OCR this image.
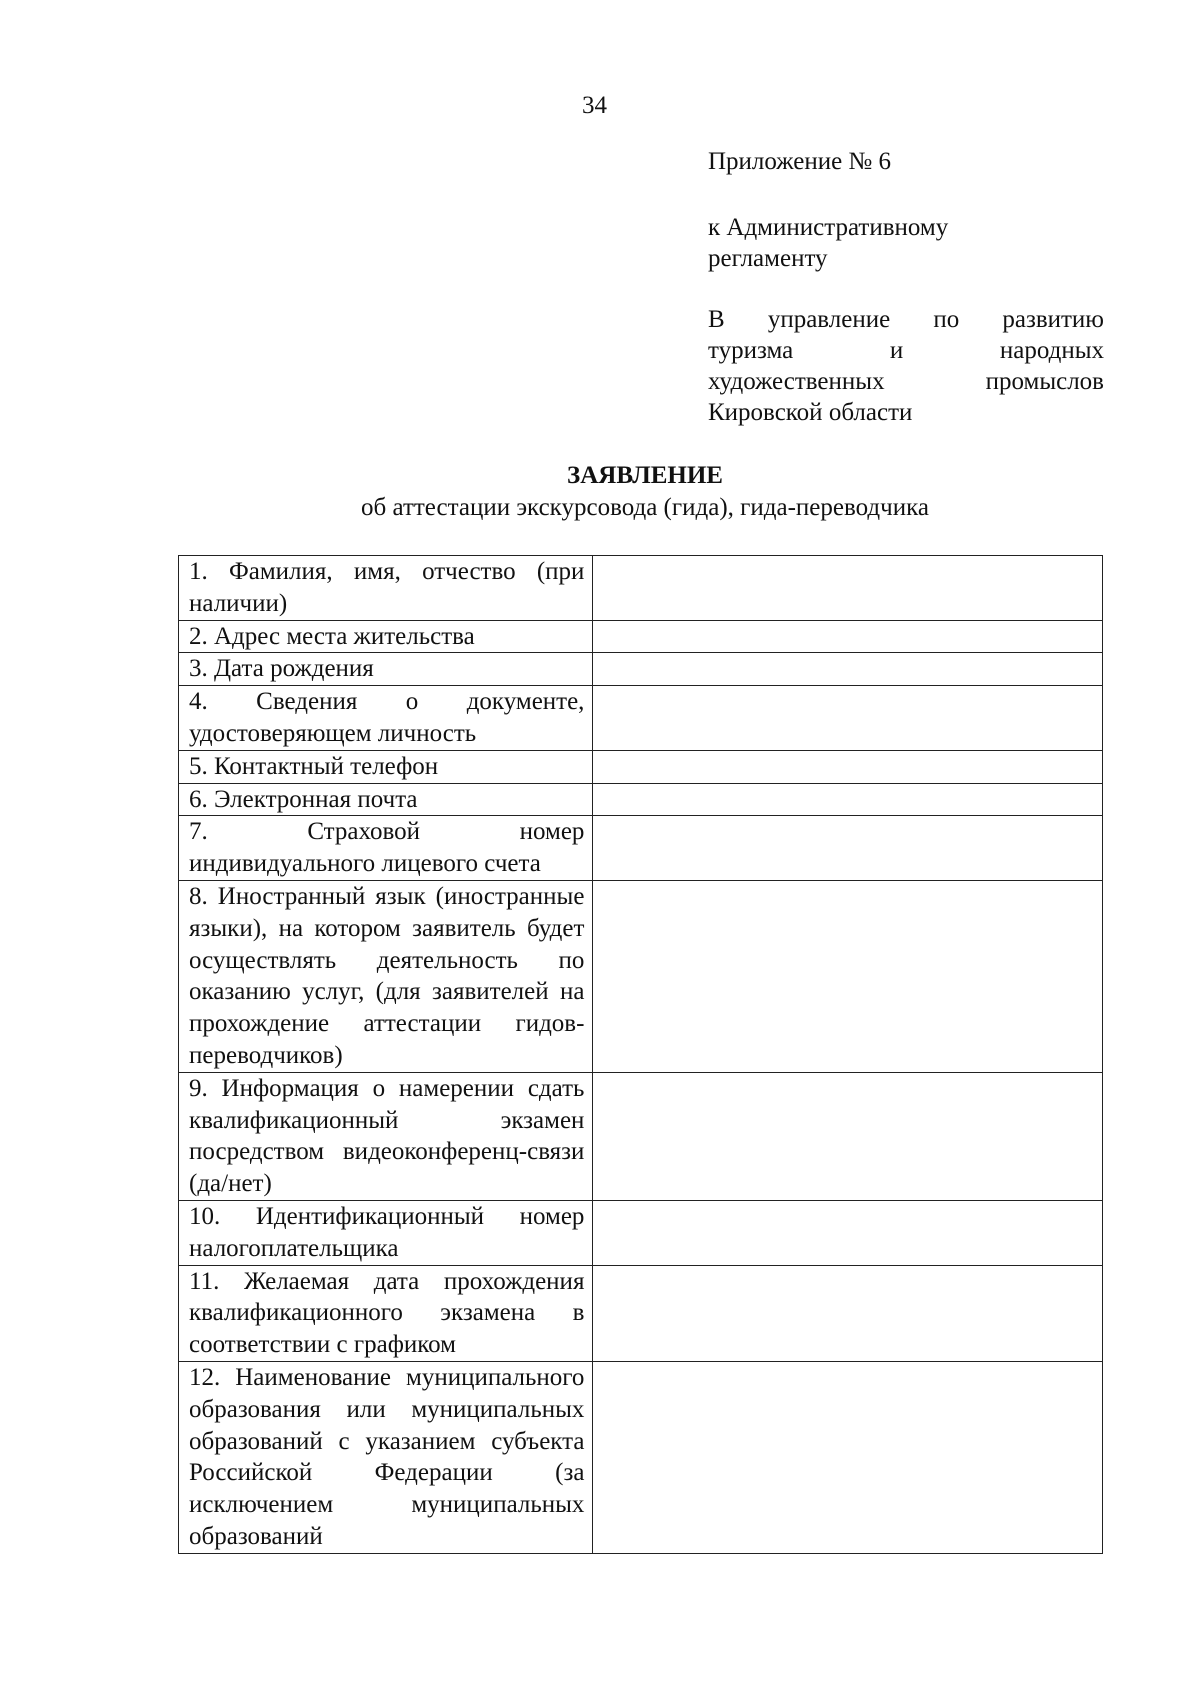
34
Приложение № 6
к Административному регламенту
В управление по развитию
туризма и народных
художественных промыслов
Кировской области
ЗАЯВЛЕНИЕ
об аттестации экскурсовода (гида), гида-переводчика
1. Фамилия, имя, отчество (при наличии)	

2. Адрес места жительства	

3. Дата рождения	

4. Сведения о документе, удостоверяющем личность	

5. Контактный телефон	

6. Электронная почта	

7. Страховой номер индивидуального лицевого счета	

8. Иностранный язык (иностранные языки), на котором заявитель будет осуществлять деятельность по оказанию услуг, (для заявителей на прохождение аттестации гидов-переводчиков)	

9. Информация о намерении сдать квалификационный экзамен посредством видеоконференц-связи (да/нет)	

10. Идентификационный номер налогоплательщика	

11. Желаемая дата прохождения квалификационного экзамена в соответствии с графиком	

12. Наименование муниципального образования или муниципальных образований с указанием субъекта Российской Федерации (за исключением муниципальных образований	
